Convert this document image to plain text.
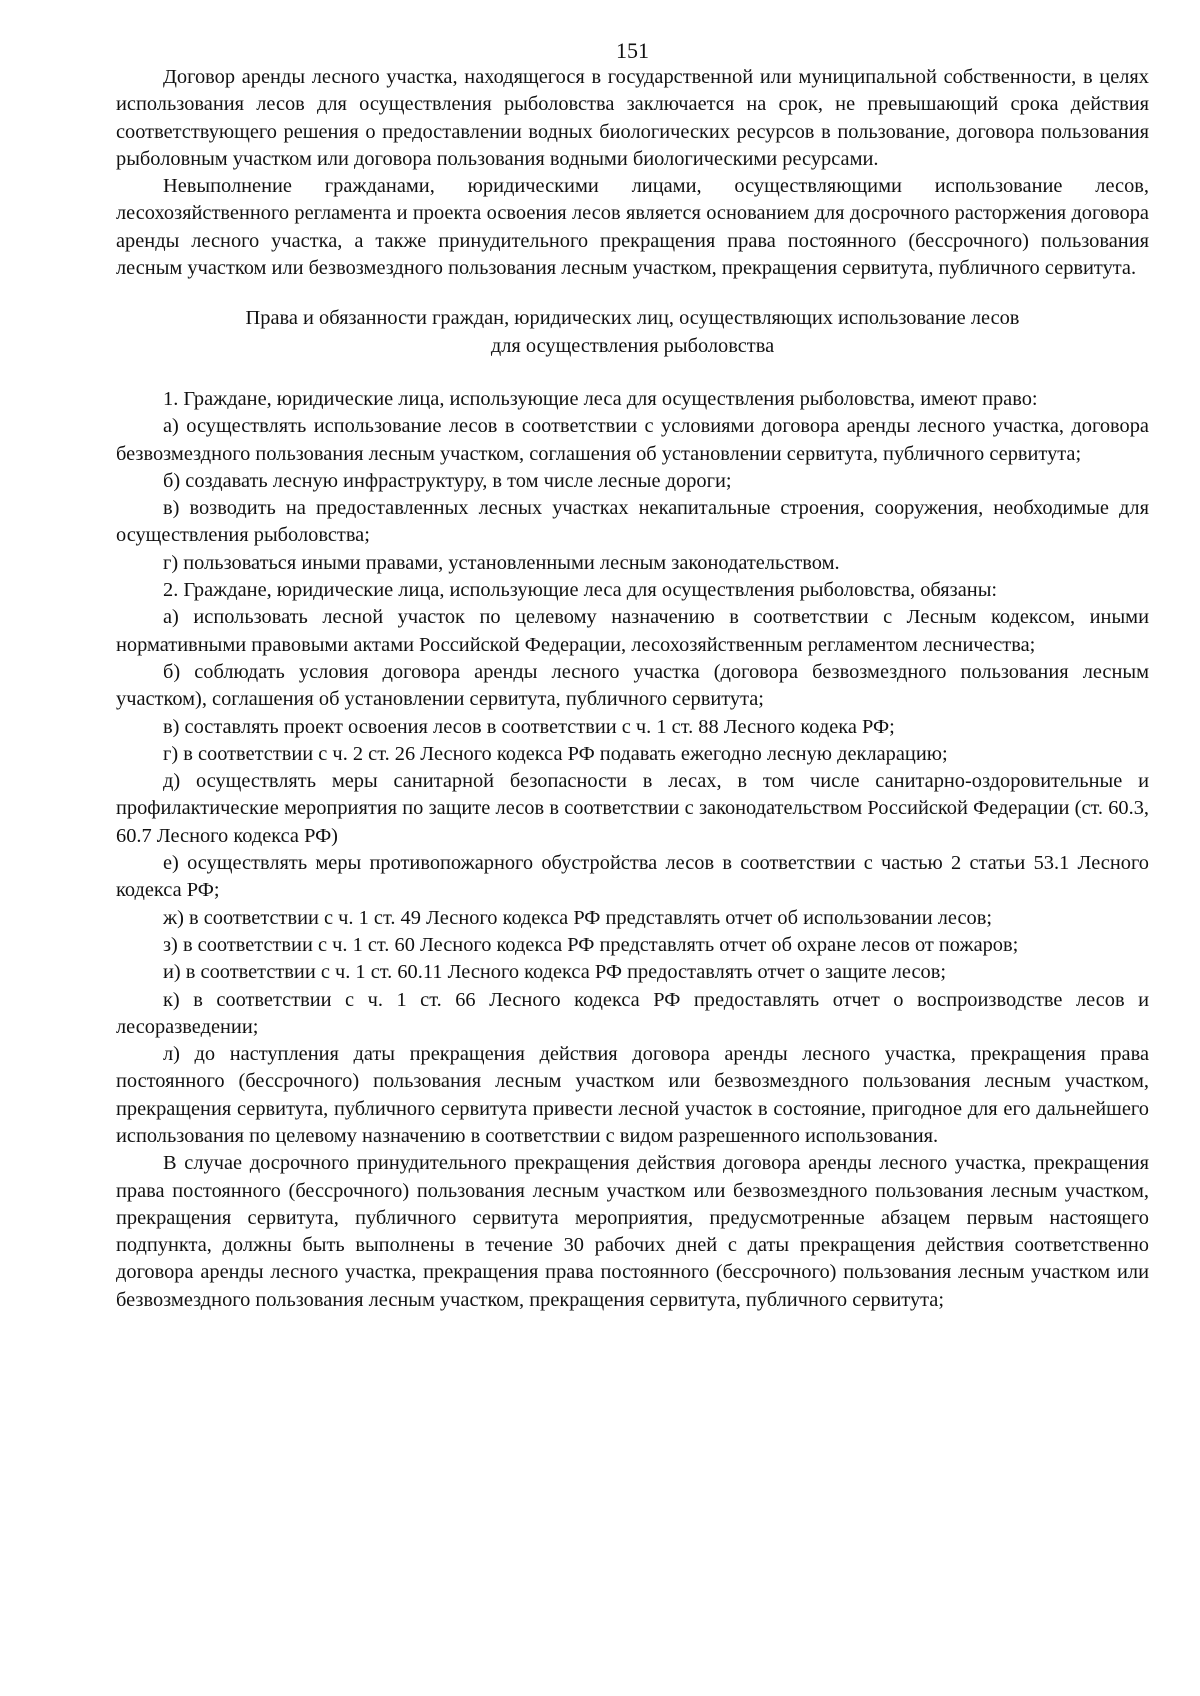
151

Договор аренды лесного участка, находящегося в государственной или муниципальной собственности, в целях использования лесов для осуществления рыболовства заключается на срок, не превышающий срока действия соответствующего решения о предоставлении водных биологических ресурсов в пользование, договора пользования рыболовным участком или договора пользования водными биологическими ресурсами.

Невыполнение гражданами, юридическими лицами, осуществляющими использование лесов, лесохозяйственного регламента и проекта освоения лесов является основанием для досрочного расторжения договора аренды лесного участка, а также принудительного прекращения права постоянного (бессрочного) пользования лесным участком или безвозмездного пользования лесным участком, прекращения сервитута, публичного сервитута.

Права и обязанности граждан, юридических лиц, осуществляющих использование лесов
для осуществления рыболовства

1. Граждане, юридические лица, использующие леса для осуществления рыболовства, имеют право:

а) осуществлять использование лесов в соответствии с условиями договора аренды лесного участка, договора безвозмездного пользования лесным участком, соглашения об установлении сервитута, публичного сервитута;

б) создавать лесную инфраструктуру, в том числе лесные дороги;

в) возводить на предоставленных лесных участках некапитальные строения, сооружения, необходимые для осуществления рыболовства;

г) пользоваться иными правами, установленными лесным законодательством.

2. Граждане, юридические лица, использующие леса для осуществления рыболовства, обязаны:

а) использовать лесной участок по целевому назначению в соответствии с Лесным кодексом, иными нормативными правовыми актами Российской Федерации, лесохозяйственным регламентом лесничества;

б) соблюдать условия договора аренды лесного участка (договора безвозмездного пользования лесным участком), соглашения об установлении сервитута, публичного сервитута;

в) составлять проект освоения лесов в соответствии с ч. 1 ст. 88 Лесного кодека РФ;

г) в соответствии с ч. 2 ст. 26 Лесного кодекса РФ подавать ежегодно лесную декларацию;

д) осуществлять меры санитарной безопасности в лесах, в том числе санитарно-оздоровительные и профилактические мероприятия по защите лесов в соответствии с законодательством Российской Федерации (ст. 60.3, 60.7 Лесного кодекса РФ)

е) осуществлять меры противопожарного обустройства лесов в соответствии с частью 2 статьи 53.1 Лесного кодекса РФ;

ж) в соответствии с ч. 1 ст. 49 Лесного кодекса РФ представлять отчет об использовании лесов;

з) в соответствии с ч. 1 ст. 60 Лесного кодекса РФ представлять отчет об охране лесов от пожаров;

и) в соответствии с ч. 1 ст. 60.11 Лесного кодекса РФ предоставлять отчет о защите лесов;

к) в соответствии с ч. 1 ст. 66 Лесного кодекса РФ предоставлять отчет о воспроизводстве лесов и лесоразведении;

л) до наступления даты прекращения действия договора аренды лесного участка, прекращения права постоянного (бессрочного) пользования лесным участком или безвозмездного пользования лесным участком, прекращения сервитута, публичного сервитута привести лесной участок в состояние, пригодное для его дальнейшего использования по целевому назначению в соответствии с видом разрешенного использования.

В случае досрочного принудительного прекращения действия договора аренды лесного участка, прекращения права постоянного (бессрочного) пользования лесным участком или безвозмездного пользования лесным участком, прекращения сервитута, публичного сервитута мероприятия, предусмотренные абзацем первым настоящего подпункта, должны быть выполнены в течение 30 рабочих дней с даты прекращения действия соответственно договора аренды лесного участка, прекращения права постоянного (бессрочного) пользования лесным участком или безвозмездного пользования лесным участком, прекращения сервитута, публичного сервитута;
